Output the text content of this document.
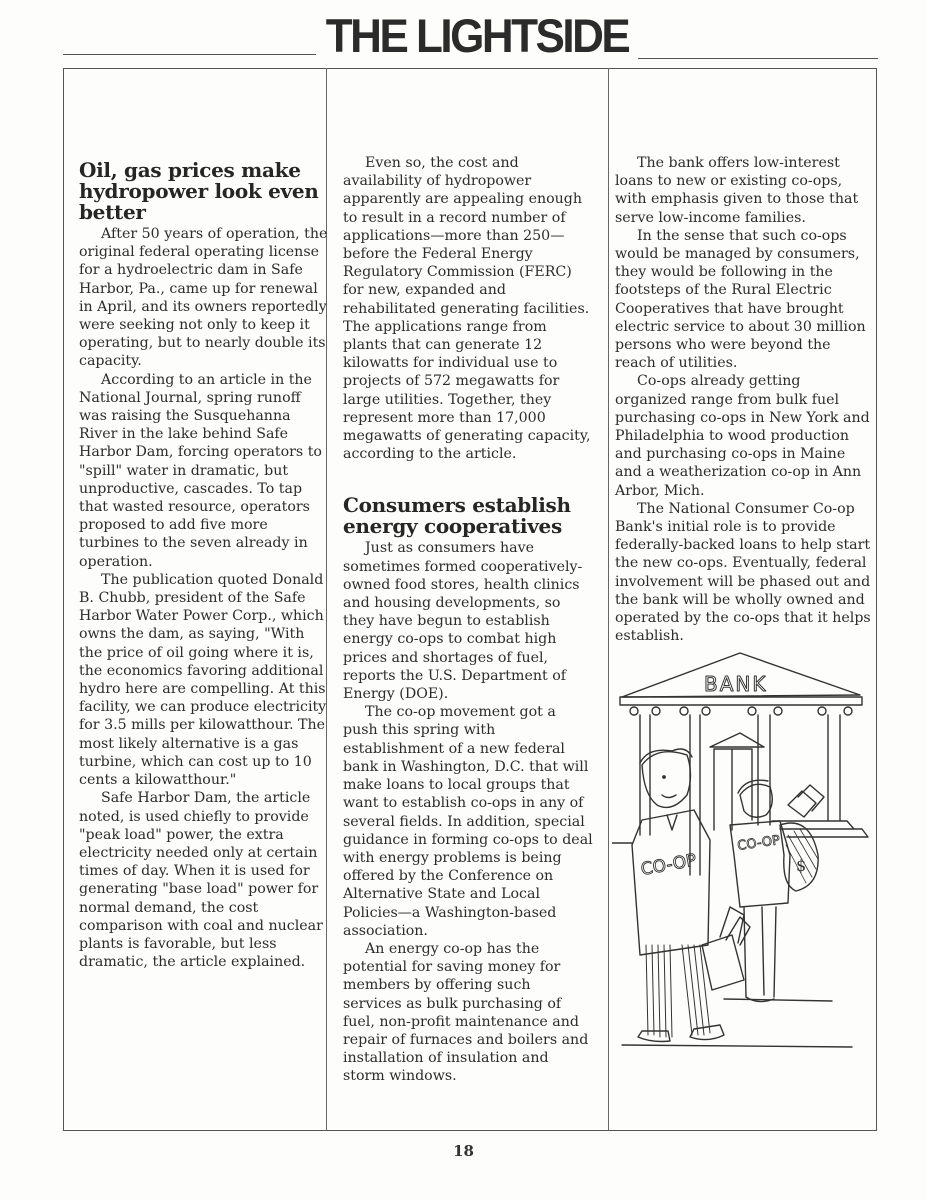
THE LIGHTSIDE
Oil, gas prices make hydropower look even better

After 50 years of operation, the original federal operating license for a hydroelectric dam in Safe Harbor, Pa., came up for renewal in April, and its owners reportedly were seeking not only to keep it operating, but to nearly double its capacity.

According to an article in the National Journal, spring runoff was raising the Susquehanna River in the lake behind Safe Harbor Dam, forcing operators to "spill" water in dramatic, but unproductive, cascades. To tap that wasted resource, operators proposed to add five more turbines to the seven already in operation.

The publication quoted Donald B. Chubb, president of the Safe Harbor Water Power Corp., which owns the dam, as saying, "With the price of oil going where it is, the economics favoring additional hydro here are compelling. At this facility, we can produce electricity for 3.5 mills per kilowatthour. The most likely alternative is a gas turbine, which can cost up to 10 cents a kilowatthour."

Safe Harbor Dam, the article noted, is used chiefly to provide "peak load" power, the extra electricity needed only at certain times of day. When it is used for generating "base load" power for normal demand, the cost comparison with coal and nuclear plants is favorable, but less dramatic, the article explained.

Even so, the cost and availability of hydropower apparently are appealing enough to result in a record number of applications—more than 250—before the Federal Energy Regulatory Commission (FERC) for new, expanded and rehabilitated generating facilities. The applications range from plants that can generate 12 kilowatts for individual use to projects of 572 megawatts for large utilities. Together, they represent more than 17,000 megawatts of generating capacity, according to the article.

Consumers establish energy cooperatives

Just as consumers have sometimes formed cooperatively-owned food stores, health clinics and housing developments, so they have begun to establish energy co-ops to combat high prices and shortages of fuel, reports the U.S. Department of Energy (DOE).

The co-op movement got a push this spring with establishment of a new federal bank in Washington, D.C. that will make loans to local groups that want to establish co-ops in any of several fields. In addition, special guidance in forming co-ops to deal with energy problems is being offered by the Conference on Alternative State and Local Policies—a Washington-based association.

An energy co-op has the potential for saving money for members by offering such services as bulk purchasing of fuel, non-profit maintenance and repair of furnaces and boilers and installation of insulation and storm windows.

The bank offers low-interest loans to new or existing co-ops, with emphasis given to those that serve low-income families.

In the sense that such co-ops would be managed by consumers, they would be following in the footsteps of the Rural Electric Cooperatives that have brought electric service to about 30 million persons who were beyond the reach of utilities.

Co-ops already getting organized range from bulk fuel purchasing co-ops in New York and Philadelphia to wood production and purchasing co-ops in Maine and a weatherization co-op in Ann Arbor, Mich.

The National Consumer Co-op Bank's initial role is to provide federally-backed loans to help start the new co-ops. Eventually, federal involvement will be phased out and the bank will be wholly owned and operated by the co-ops that it helps establish.

BANK
CO-OP
CO-OP
$
18
